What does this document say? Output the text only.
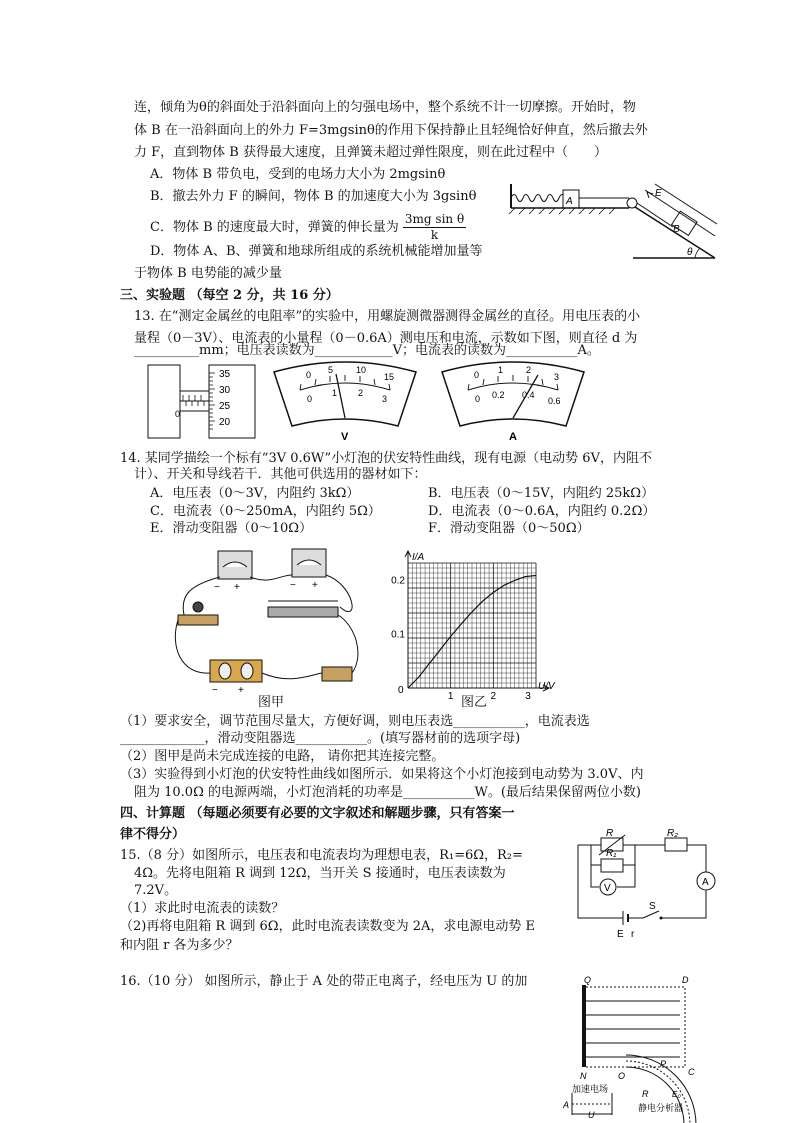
连，倾角为θ的斜面处于沿斜面向上的匀强电场中，整个系统不计一切摩擦。开始时，物
体 B 在一沿斜面向上的外力 F=3mgsinθ的作用下保持静止且轻绳恰好伸直，然后撤去外
力 F，直到物体 B 获得最大速度，且弹簧未超过弹性限度，则在此过程中（　　）
A．物体 B 带负电，受到的电场力大小为 2mgsinθ
B．撤去外力 F 的瞬间，物体 B 的加速度大小为 3gsinθ
C．物体 B 的速度最大时，弹簧的伸长量为 $\frac{\text{3mg sin θ}}{k}$
D．物体 A、B、弹簧和地球所组成的系统机械能增加量等
于物体 B 电势能的减少量
A
B
E
θ
三、实验题 （每空 2 分，共 16 分）
13. 在“测定金属丝的电阻率”的实验中，用螺旋测微器测得金属丝的直径。用电压表的小
量程（0－3V）、电流表的小量程（0－0.6A）测电压和电流，示数如下图，则直径 d 为
__________mm；电压表读数为____________V；电流表的读数为___________A。
0
35
30
25
20
0 5	10
15
0
1 2
3
V
0 1	2
3
0 0.2 0.4
0.6
A
14. 某同学描绘一个标有“3V 0.6W”小灯泡的伏安特性曲线，现有电源（电动势 6V，内阻不
计）、开关和导线若干．其他可供选用的器材如下：
A．电压表（0～3V，内阻约 3kΩ）	B．电压表（0～15V，内阻约 25kΩ）
C．电流表（0～250mA，内阻约 5Ω）	D．电流表（0～0.6A，内阻约 0.2Ω）
E．滑动变阻器（0～10Ω）	F．滑动变阻器（0～50Ω）
− +	− +
− +
图甲
I/A
U/V
0
1	2	3
0.1
0.2
图乙
（1）要求安全，调节范围尽量大，方便好调，则电压表选___________，电流表选
_____________，滑动变阻器选___________。(填写器材前的选项字母)
（2）图甲是尚未完成连接的电路， 请你把其连接完整。
（3）实验得到小灯泡的伏安特性曲线如图所示．如果将这个小灯泡接到电动势为 3.0V、内
阻为 10.0Ω 的电源两端，小灯泡消耗的功率是___________W。(最后结果保留两位小数)
四、计算题 （每题必须要有必要的文字叙述和解题步骤，只有答案一
律不得分）
15.（8 分）如图所示，电压表和电流表均为理想电表，R₁=6Ω，R₂=
4Ω。先将电阻箱 R 调到 12Ω，当开关 S 接通时，电压表读数为
7.2V。
（1）求此时电流表的读数？
（2)再将电阻箱 R 调到 6Ω，此时电流表读数变为 2A，求电源电动势 E
和内阻 r 各为多少？
R	R₂
R₁
V
A
S
E r
16.（10 分） 如图所示，静止于 A 处的带正电离子，经电压为 U 的加	Q	D
N	O	C
P
R	E₀
A
加速电场
U
静电分析器
